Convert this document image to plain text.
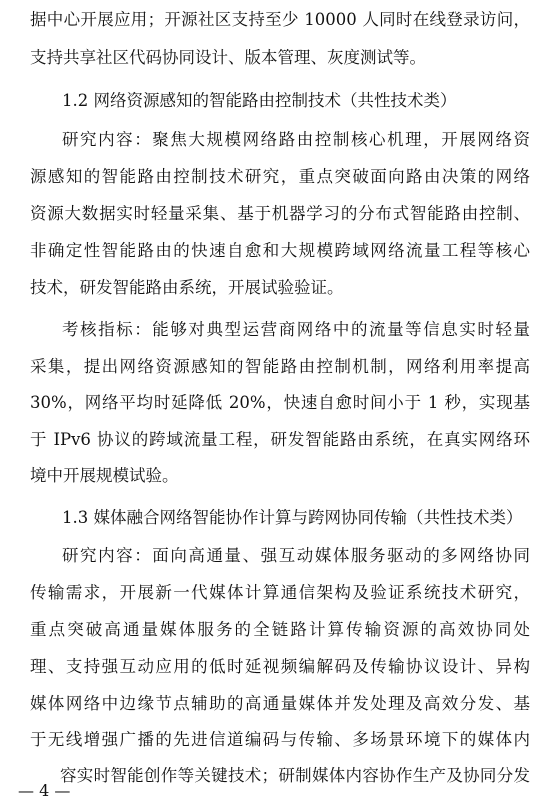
据中心开展应用；开源社区支持至少 10000 人同时在线登录访问，
支持共享社区代码协同设计、版本管理、灰度测试等。
1.2 网络资源感知的智能路由控制技术（共性技术类）
研究内容：聚焦大规模网络路由控制核心机理，开展网络资
源感知的智能路由控制技术研究，重点突破面向路由决策的网络
资源大数据实时轻量采集、基于机器学习的分布式智能路由控制、
非确定性智能路由的快速自愈和大规模跨域网络流量工程等核心
技术，研发智能路由系统，开展试验验证。
考核指标：能够对典型运营商网络中的流量等信息实时轻量
采集，提出网络资源感知的智能路由控制机制，网络利用率提高
30%，网络平均时延降低 20%，快速自愈时间小于 1 秒，实现基
于 IPv6 协议的跨域流量工程，研发智能路由系统，在真实网络环
境中开展规模试验。
1.3 媒体融合网络智能协作计算与跨网协同传输（共性技术类）
研究内容：面向高通量、强互动媒体服务驱动的多网络协同
传输需求，开展新一代媒体计算通信架构及验证系统技术研究，
重点突破高通量媒体服务的全链路计算传输资源的高效协同处
理、支持强互动应用的低时延视频编解码及传输协议设计、异构
媒体网络中边缘节点辅助的高通量媒体并发处理及高效分发、基
于无线增强广播的先进信道编码与传输、多场景环境下的媒体内
容实时智能创作等关键技术；研制媒体内容协作生产及协同分发
— 4 —
